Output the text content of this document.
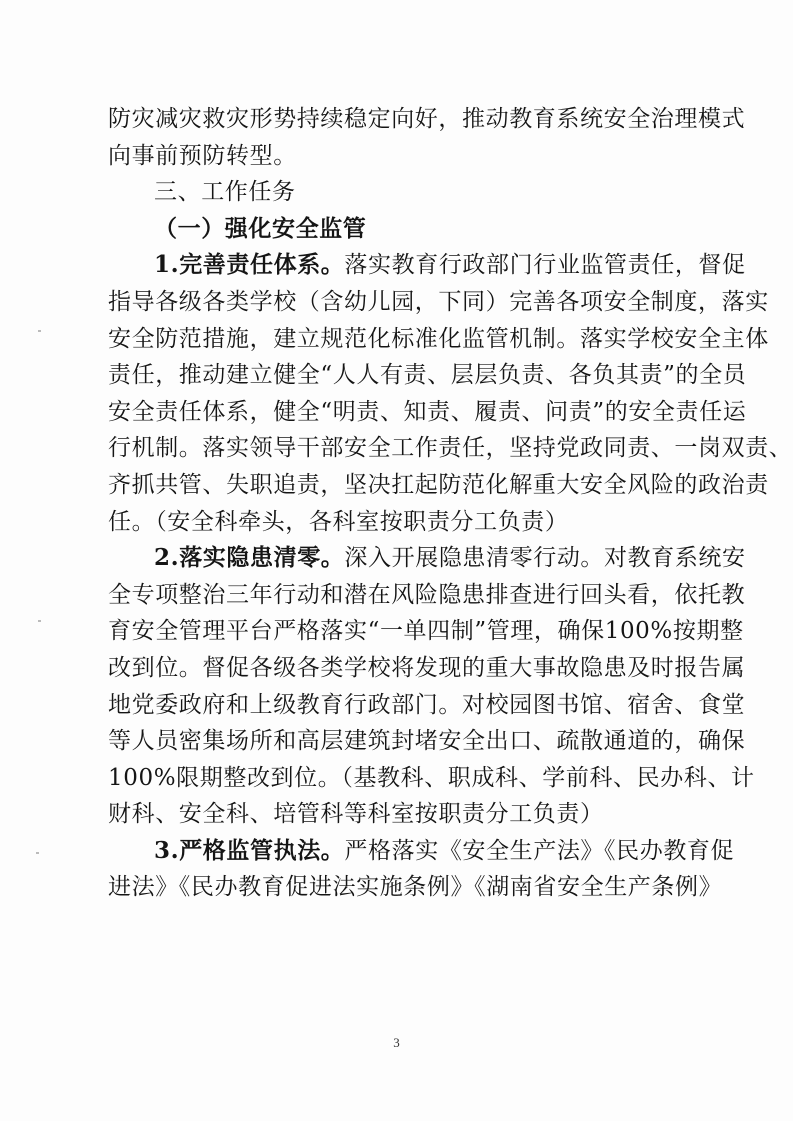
防灾减灾救灾形势持续稳定向好，推动教育系统安全治理模式
向事前预防转型。
三、工作任务
（一）强化安全监管
1.完善责任体系。落实教育行政部门行业监管责任，督促
指导各级各类学校（含幼儿园，下同）完善各项安全制度，落实
安全防范措施，建立规范化标准化监管机制。落实学校安全主体
责任，推动建立健全“人人有责、层层负责、各负其责”的全员
安全责任体系，健全“明责、知责、履责、问责”的安全责任运
行机制。落实领导干部安全工作责任，坚持党政同责、一岗双责、
齐抓共管、失职追责，坚决扛起防范化解重大安全风险的政治责
任。（安全科牵头，各科室按职责分工负责）
2.落实隐患清零。深入开展隐患清零行动。对教育系统安
全专项整治三年行动和潜在风险隐患排查进行回头看，依托教
育安全管理平台严格落实“一单四制”管理，确保100%按期整
改到位。督促各级各类学校将发现的重大事故隐患及时报告属
地党委政府和上级教育行政部门。对校园图书馆、宿舍、食堂
等人员密集场所和高层建筑封堵安全出口、疏散通道的，确保
100%限期整改到位。（基教科、职成科、学前科、民办科、计
财科、安全科、培管科等科室按职责分工负责）
3.严格监管执法。严格落实《安全生产法》《民办教育促
进法》《民办教育促进法实施条例》《湖南省安全生产条例》
3
